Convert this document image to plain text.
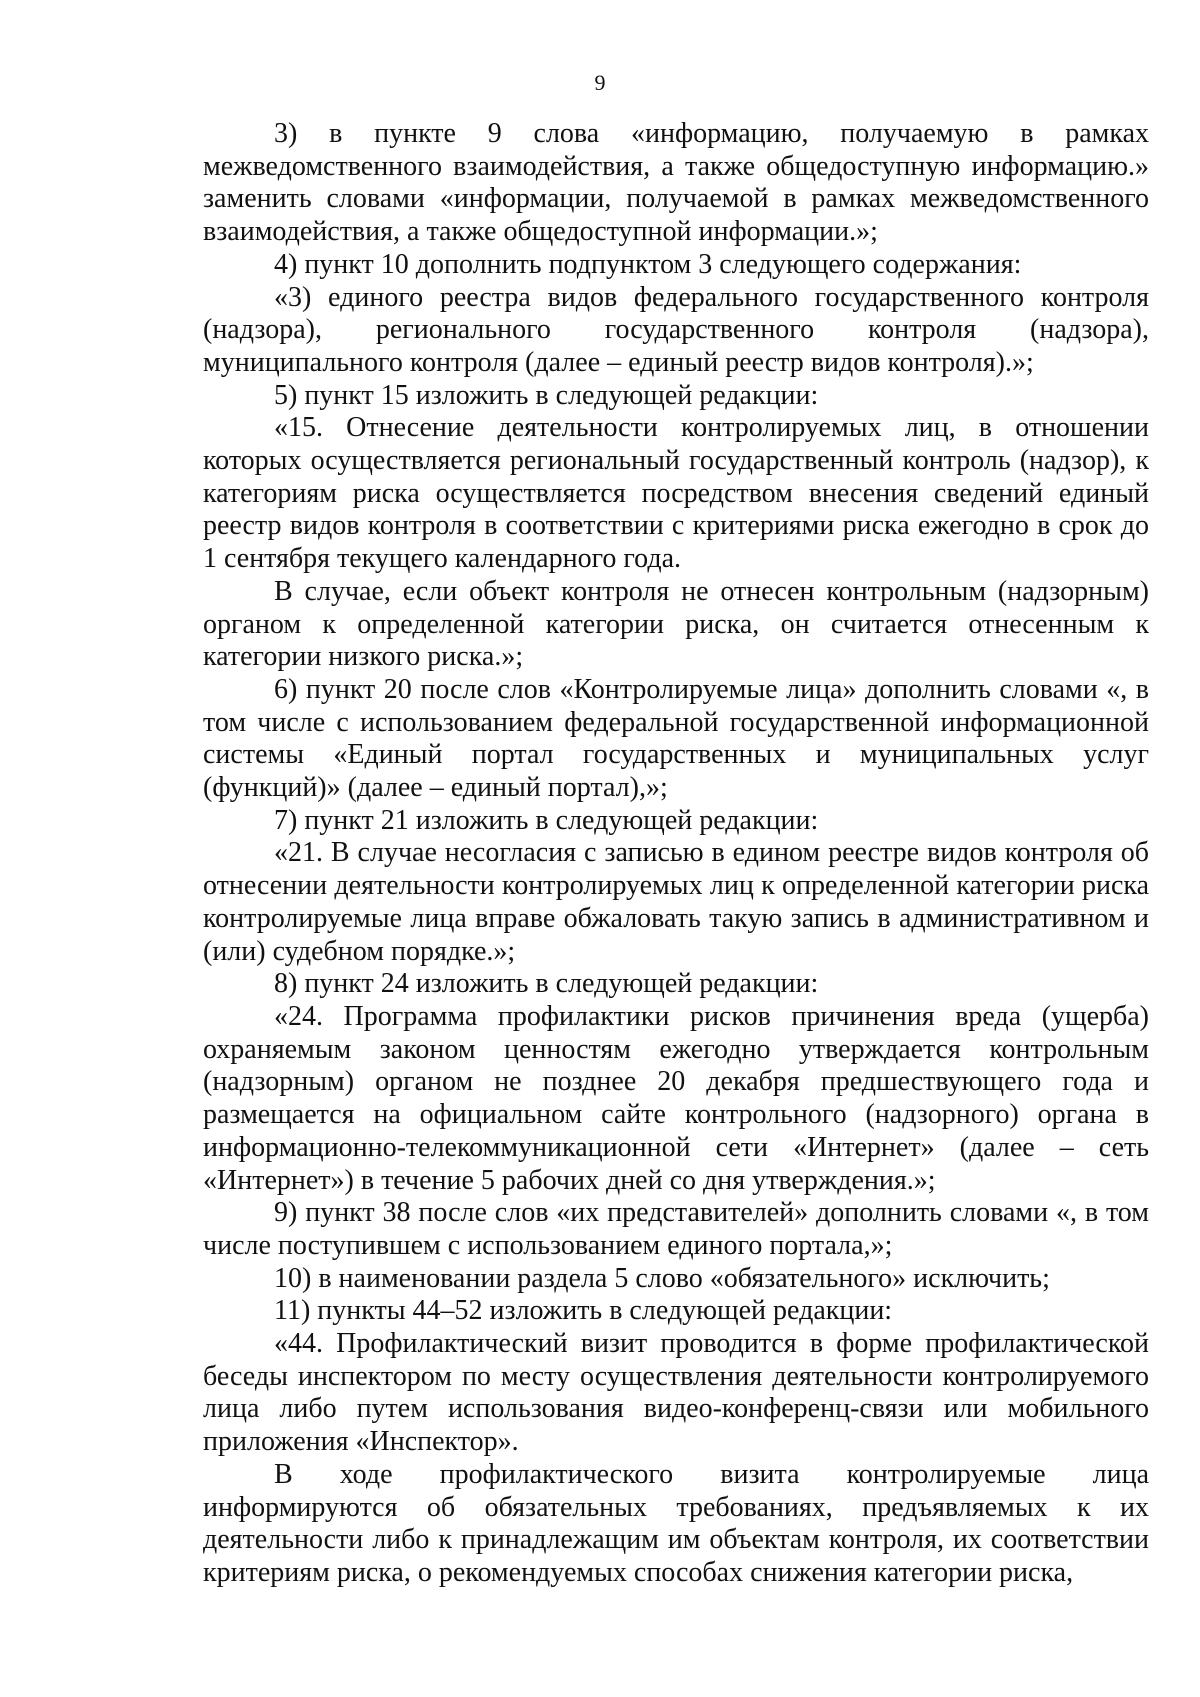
9

3) в пункте 9 слова «информацию, получаемую в рамках межведомственного взаимодействия, а также общедоступную информацию.» заменить словами «информации, получаемой в рамках межведомственного взаимодействия, а также общедоступной информации.»;

4) пункт 10 дополнить подпунктом 3 следующего содержания:

«3) единого реестра видов федерального государственного контроля (надзора), регионального государственного контроля (надзора), муниципального контроля (далее – единый реестр видов контроля).»;

5) пункт 15 изложить в следующей редакции:

«15. Отнесение деятельности контролируемых лиц, в отношении которых осуществляется региональный государственный контроль (надзор), к категориям риска осуществляется посредством внесения сведений единый реестр видов контроля в соответствии с критериями риска ежегодно в срок до 1 сентября текущего календарного года.

В случае, если объект контроля не отнесен контрольным (надзорным) органом к определенной категории риска, он считается отнесенным к категории низкого риска.»;

6) пункт 20 после слов «Контролируемые лица» дополнить словами «, в том числе с использованием федеральной государственной информационной системы «Единый портал государственных и муниципальных услуг (функций)» (далее – единый портал),»;

7) пункт 21 изложить в следующей редакции:

«21. В случае несогласия с записью в едином реестре видов контроля об отнесении деятельности контролируемых лиц к определенной категории риска контролируемые лица вправе обжаловать такую запись в административном и (или) судебном порядке.»;

8) пункт 24 изложить в следующей редакции:

«24. Программа профилактики рисков причинения вреда (ущерба) охраняемым законом ценностям ежегодно утверждается контрольным (надзорным) органом не позднее 20 декабря предшествующего года и размещается на официальном сайте контрольного (надзорного) органа в информационно-телекоммуникационной сети «Интернет» (далее – сеть «Интернет») в течение 5 рабочих дней со дня утверждения.»;

9) пункт 38 после слов «их представителей» дополнить словами «, в том числе поступившем с использованием единого портала,»;

10) в наименовании раздела 5 слово «обязательного» исключить;

11) пункты 44–52 изложить в следующей редакции:

«44. Профилактический визит проводится в форме профилактической беседы инспектором по месту осуществления деятельности контролируемого лица либо путем использования видео-конференц-связи или мобильного приложения «Инспектор».

В ходе профилактического визита контролируемые лица информируются об обязательных требованиях, предъявляемых к их деятельности либо к принадлежащим им объектам контроля, их соответствии критериям риска, о рекомендуемых способах снижения категории риска,
